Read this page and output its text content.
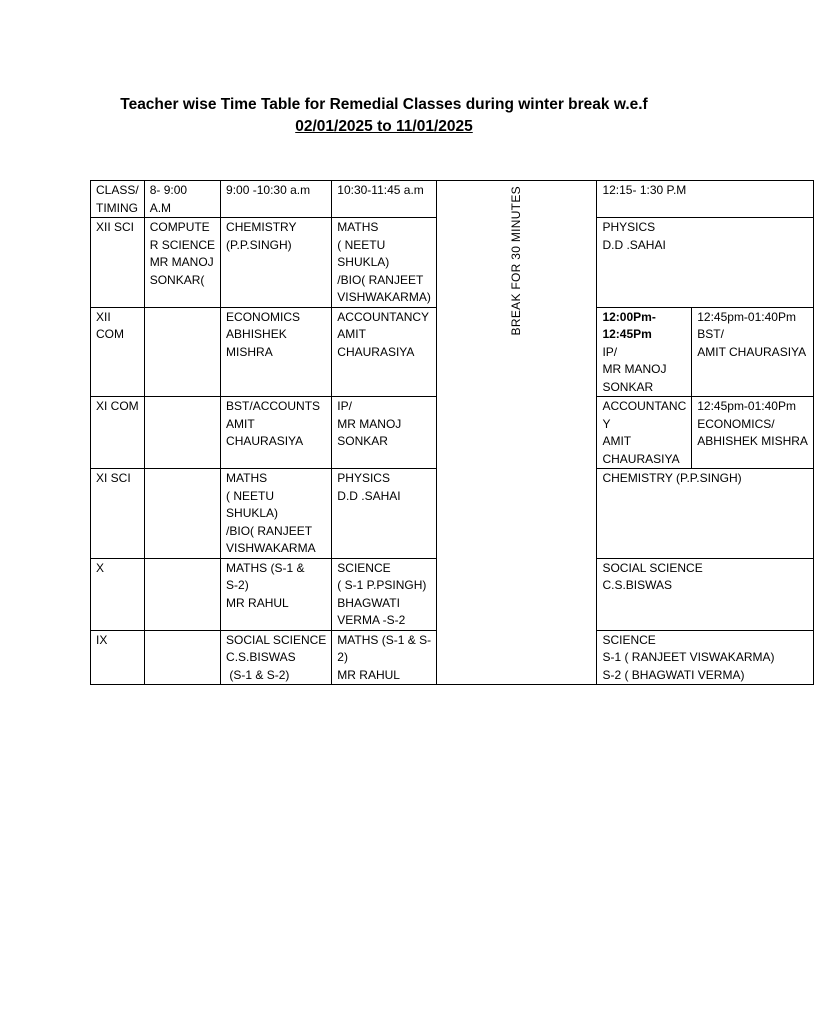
Teacher wise Time Table for Remedial Classes during winter break w.e.f
02/01/2025 to 11/01/2025
CLASS/
TIMING	8- 9:00
A.M	9:00 -10:30 a.m	10:30-11:45 a.m	BREAK FOR 30 MINUTES	12:15- 1:30 P.M	

XII SCI	COMPUTE
R SCIENCE
MR MANOJ
SONKAR(	CHEMISTRY
(P.P.SINGH)	MATHS
( NEETU
SHUKLA)
/BIO( RANJEET
VISHWAKARMA)		PHYSICS
D.D .SAHAI	

XII COM		ECONOMICS
ABHISHEK
MISHRA	ACCOUNTANCY
AMIT
CHAURASIYA		12:00Pm-
12:45Pm
IP/
MR MANOJ
SONKAR	12:45pm-01:40Pm
BST/
AMIT CHAURASIYA

XI COM		BST/ACCOUNTS
AMIT
CHAURASIYA	IP/
MR MANOJ
SONKAR		ACCOUNTANC
Y
AMIT
CHAURASIYA	12:45pm-01:40Pm
ECONOMICS/
ABHISHEK MISHRA

XI SCI		MATHS
( NEETU
SHUKLA)
/BIO( RANJEET
VISHWAKARMA	PHYSICS
D.D .SAHAI		CHEMISTRY (P.P.SINGH)	

X		MATHS (S-1 &
S-2)
MR RAHUL	SCIENCE
( S-1 P.PSINGH)
BHAGWATI
VERMA -S-2		SOCIAL SCIENCE
C.S.BISWAS	

IX		SOCIAL SCIENCE
C.S.BISWAS
(S-1 & S-2)	MATHS (S-1 & S-
2)
MR RAHUL		SCIENCE
S-1 ( RANJEET VISWAKARMA)
S-2 ( BHAGWATI VERMA)	
